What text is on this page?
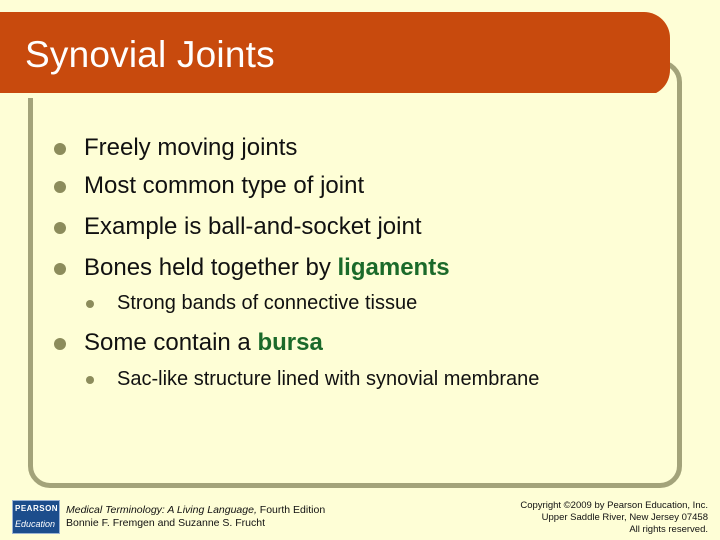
Synovial Joints
Freely moving joints
Most common type of joint
Example is ball-and-socket joint
Bones held together by ligaments
Strong bands of connective tissue
Some contain a bursa
Sac-like structure lined with synovial membrane
PEARSON
Education
Medical Terminology: A Living Language, Fourth Edition
Bonnie F. Fremgen and Suzanne S. Frucht
Copyright ©2009 by Pearson Education, Inc.
Upper Saddle River, New Jersey 07458
All rights reserved.
